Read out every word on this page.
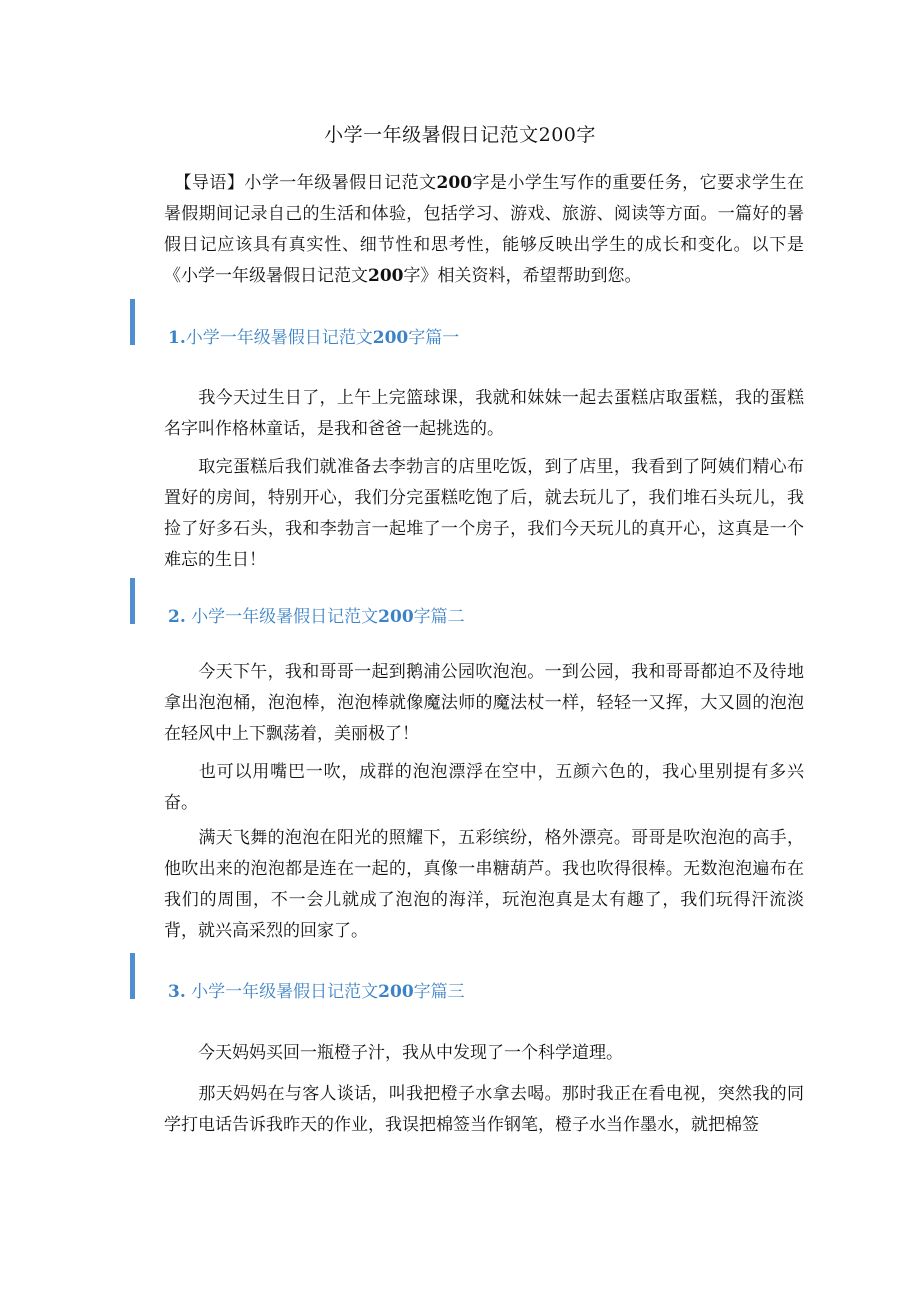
小学一年级暑假日记范文200字

【导语】小学一年级暑假日记范文200字是小学生写作的重要任务，它要求学生在暑假期间记录自己的生活和体验，包括学习、游戏、旅游、阅读等方面。一篇好的暑假日记应该具有真实性、细节性和思考性，能够反映出学生的成长和变化。以下是《小学一年级暑假日记范文200字》相关资料，希望帮助到您。

1.小学一年级暑假日记范文200字篇一

我今天过生日了，上午上完篮球课，我就和妹妹一起去蛋糕店取蛋糕，我的蛋糕名字叫作格林童话，是我和爸爸一起挑选的。

取完蛋糕后我们就准备去李勃言的店里吃饭，到了店里，我看到了阿姨们精心布置好的房间，特别开心，我们分完蛋糕吃饱了后，就去玩儿了，我们堆石头玩儿，我捡了好多石头，我和李勃言一起堆了一个房子，我们今天玩儿的真开心，这真是一个难忘的生日！

2. 小学一年级暑假日记范文200字篇二

今天下午，我和哥哥一起到鹅浦公园吹泡泡。一到公园，我和哥哥都迫不及待地拿出泡泡桶，泡泡棒，泡泡棒就像魔法师的魔法杖一样，轻轻一又挥，大又圆的泡泡在轻风中上下飘荡着，美丽极了！

也可以用嘴巴一吹，成群的泡泡漂浮在空中，五颜六色的，我心里别提有多兴奋。

满天飞舞的泡泡在阳光的照耀下，五彩缤纷，格外漂亮。哥哥是吹泡泡的高手，他吹出来的泡泡都是连在一起的，真像一串糖葫芦。我也吹得很棒。无数泡泡遍布在我们的周围，不一会儿就成了泡泡的海洋，玩泡泡真是太有趣了，我们玩得汗流淡背，就兴高采烈的回家了。

3. 小学一年级暑假日记范文200字篇三

今天妈妈买回一瓶橙子汁，我从中发现了一个科学道理。

那天妈妈在与客人谈话，叫我把橙子水拿去喝。那时我正在看电视，突然我的同学打电话告诉我昨天的作业，我误把棉签当作钢笔，橙子水当作墨水，就把棉签
